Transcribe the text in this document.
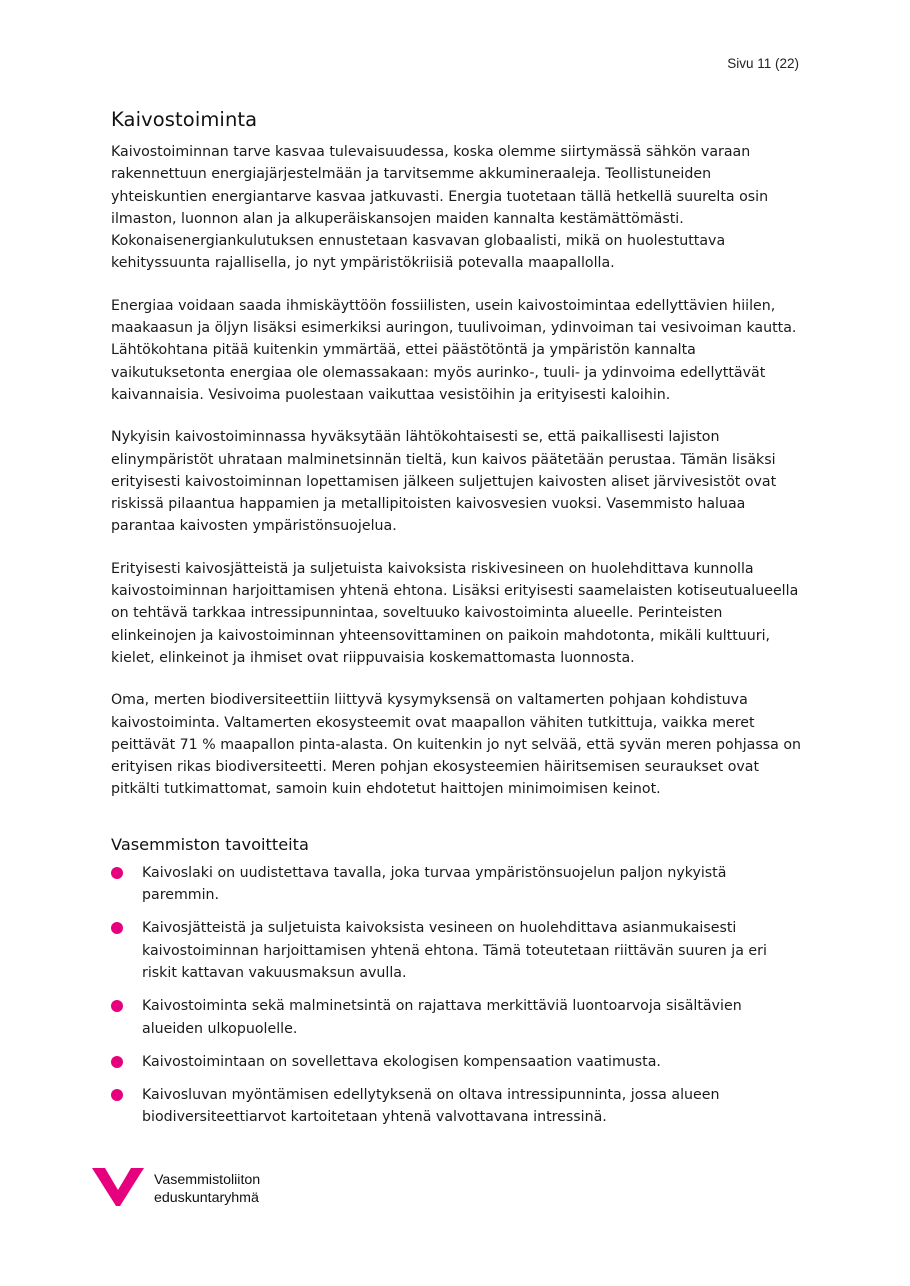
Sivu 11 (22)
Kaivostoiminta

Kaivostoiminnan tarve kasvaa tulevaisuudessa, koska olemme siirtymässä sähkön varaan rakennettuun energiajärjestelmään ja tarvitsemme akkumineraaleja. Teollistuneiden yhteiskuntien energiantarve kasvaa jatkuvasti. Energia tuotetaan tällä hetkellä suurelta osin ilmaston, luonnon alan ja alkuperäiskansojen maiden kannalta kestämättömästi. Kokonaisenergiankulutuksen ennustetaan kasvavan globaalisti, mikä on huolestuttava kehityssuunta rajallisella, jo nyt ympäristökriisiä potevalla maapallolla.

Energiaa voidaan saada ihmiskäyttöön fossiilisten, usein kaivostoimintaa edellyttävien hiilen, maakaasun ja öljyn lisäksi esimerkiksi auringon, tuulivoiman, ydinvoiman tai vesivoiman kautta. Lähtökohtana pitää kuitenkin ymmärtää, ettei päästötöntä ja ympäristön kannalta vaikutuksetonta energiaa ole olemassakaan: myös aurinko-, tuuli- ja ydinvoima edellyttävät kaivannaisia. Vesivoima puolestaan vaikuttaa vesistöihin ja erityisesti kaloihin.

Nykyisin kaivostoiminnassa hyväksytään lähtökohtaisesti se, että paikallisesti lajiston elinympäristöt uhrataan malminetsinnän tieltä, kun kaivos päätetään perustaa. Tämän lisäksi erityisesti kaivostoiminnan lopettamisen jälkeen suljettujen kaivosten aliset järvivesistöt ovat riskissä pilaantua happamien ja metallipitoisten kaivosvesien vuoksi. Vasemmisto haluaa parantaa kaivosten ympäristönsuojelua.

Erityisesti kaivosjätteistä ja suljetuista kaivoksista riskivesineen on huolehdittava kunnolla kaivostoiminnan harjoittamisen yhtenä ehtona. Lisäksi erityisesti saamelaisten kotiseutualueella on tehtävä tarkkaa intressipunnintaa, soveltuuko kaivostoiminta alueelle. Perinteisten elinkeinojen ja kaivostoiminnan yhteensovittaminen on paikoin mahdotonta, mikäli kulttuuri, kielet, elinkeinot ja ihmiset ovat riippuvaisia koskemattomasta luonnosta.

Oma, merten biodiversiteettiin liittyvä kysymyksensä on valtamerten pohjaan kohdistuva kaivostoiminta. Valtamerten ekosysteemit ovat maapallon vähiten tutkittuja, vaikka meret peittävät 71 % maapallon pinta-alasta. On kuitenkin jo nyt selvää, että syvän meren pohjassa on erityisen rikas biodiversiteetti. Meren pohjan ekosysteemien häiritsemisen seuraukset ovat pitkälti tutkimattomat, samoin kuin ehdotetut haittojen minimoimisen keinot.

Vasemmiston tavoitteita
Kaivoslaki on uudistettava tavalla, joka turvaa ympäristönsuojelun paljon nykyistä paremmin.
Kaivosjätteistä ja suljetuista kaivoksista vesineen on huolehdittava asianmukaisesti kaivostoiminnan harjoittamisen yhtenä ehtona. Tämä toteutetaan riittävän suuren ja eri riskit kattavan vakuusmaksun avulla.
Kaivostoiminta sekä malminetsintä on rajattava merkittäviä luontoarvoja sisältävien alueiden ulkopuolelle.
Kaivostoimintaan on sovellettava ekologisen kompensaation vaatimusta.
Kaivosluvan myöntämisen edellytyksenä on oltava intressipunninta, jossa alueen biodiversiteettiarvot kartoitetaan yhtenä valvottavana intressinä.
Vasemmistoliiton
eduskuntaryhmä
